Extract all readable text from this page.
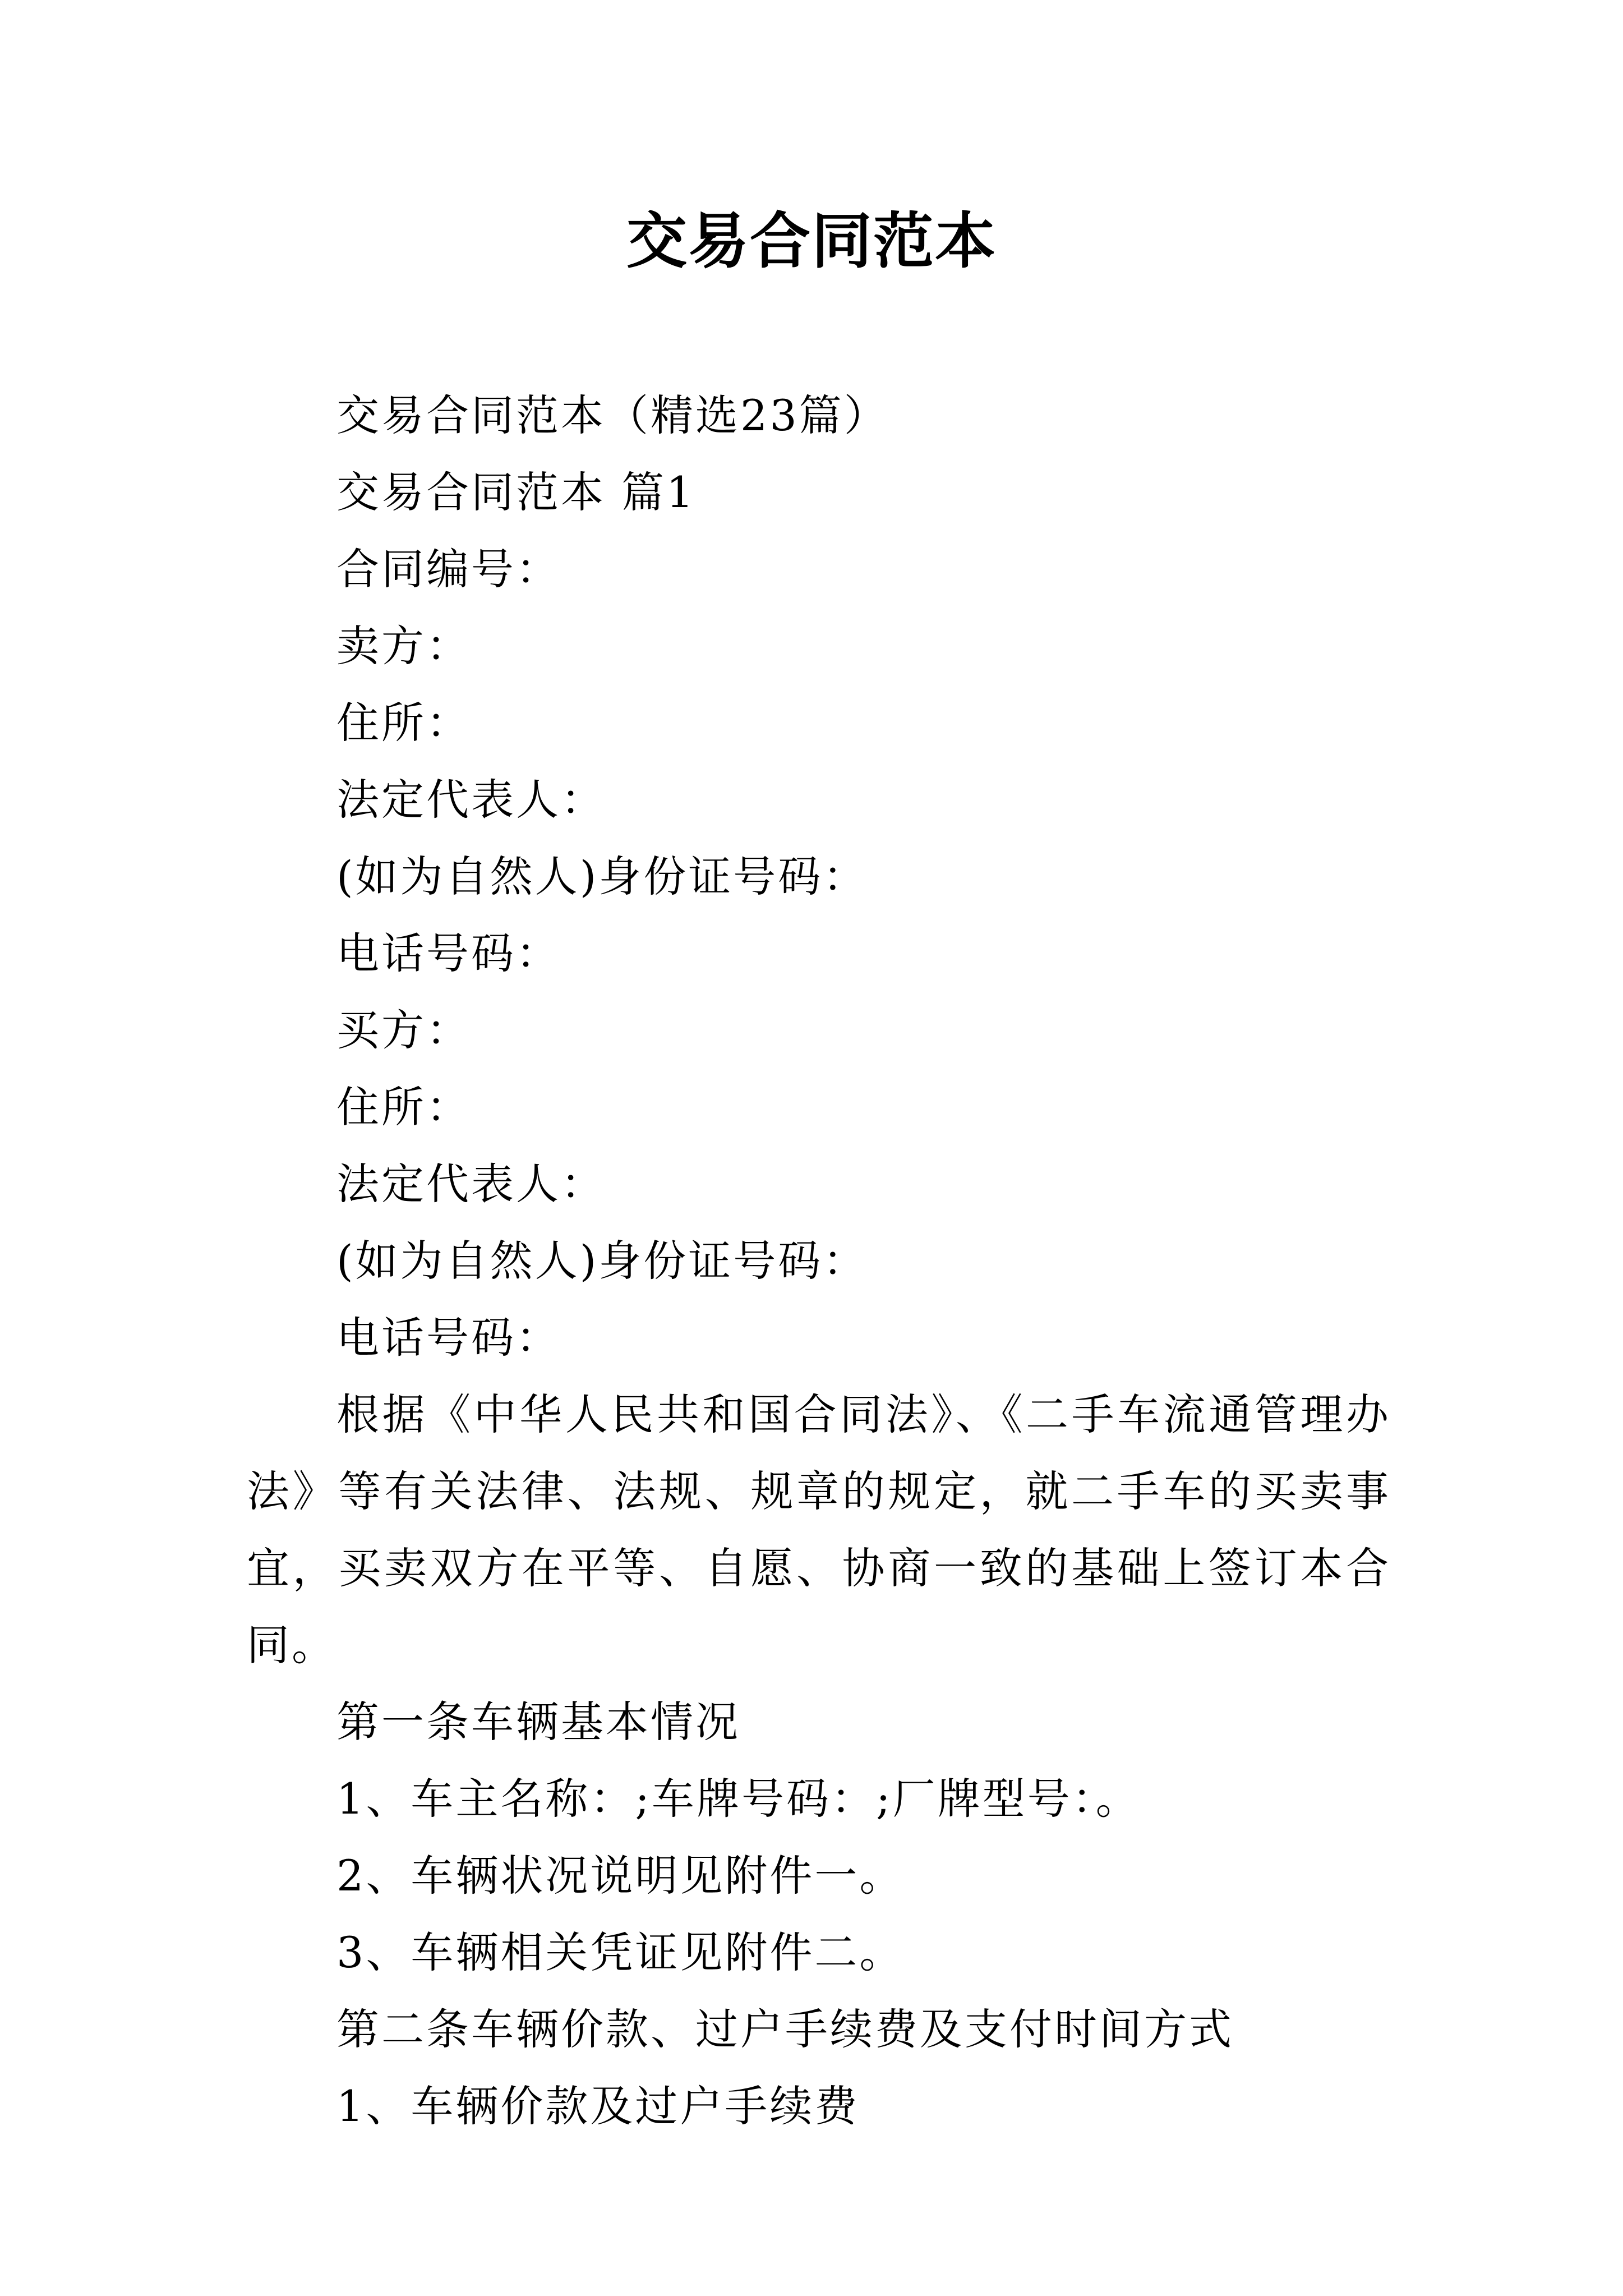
交易合同范本
交易合同范本（精选23篇）
交易合同范本 篇1
合同编号：
卖方：
住所：
法定代表人：
(如为自然人)身份证号码：
电话号码：
买方：
住所：
法定代表人：
(如为自然人)身份证号码：
电话号码：
根据《中华人民共和国合同法》、《二手车流通管理办法》等有关法律、法规、规章的规定，就二手车的买卖事宜，买卖双方在平等、自愿、协商一致的基础上签订本合同。
第一条车辆基本情况
1、车主名称：;车牌号码：;厂牌型号：。
2、车辆状况说明见附件一。
3、车辆相关凭证见附件二。
第二条车辆价款、过户手续费及支付时间方式
1、车辆价款及过户手续费
